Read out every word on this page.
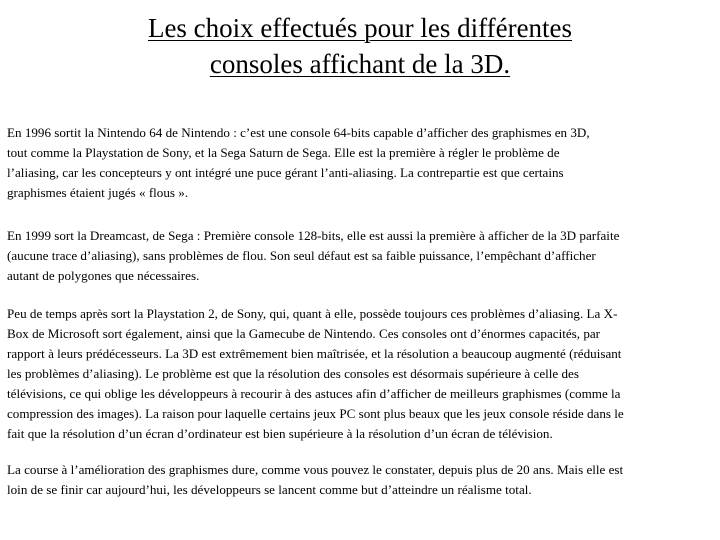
Les choix effectués pour les différentes
consoles affichant de la 3D.

En 1996 sortit la Nintendo 64 de Nintendo : c’est une console 64-bits capable d’afficher des graphismes en 3D,
tout comme la Playstation de Sony, et la Sega Saturn de Sega. Elle est la première à régler le problème de
l’aliasing, car les concepteurs y ont intégré une puce gérant l’anti-aliasing. La contrepartie est que certains
graphismes étaient jugés « flous ».

En 1999 sort la Dreamcast, de Sega : Première console 128-bits, elle est aussi la première à afficher de la 3D parfaite
(aucune trace d’aliasing), sans problèmes de flou. Son seul défaut est sa faible puissance, l’empêchant d’afficher
autant de polygones que nécessaires.

Peu de temps après sort la Playstation 2, de Sony, qui, quant à elle, possède toujours ces problèmes d’aliasing. La X-
Box de Microsoft sort également, ainsi que la Gamecube de Nintendo. Ces consoles ont d’énormes capacités, par
rapport à leurs prédécesseurs. La 3D est extrêmement bien maîtrisée, et la résolution a beaucoup augmenté (réduisant
les problèmes d’aliasing). Le problème est que la résolution des consoles est désormais supérieure à celle des
télévisions, ce qui oblige les développeurs à recourir à des astuces afin d’afficher de meilleurs graphismes (comme la
compression des images). La raison pour laquelle certains jeux PC sont plus beaux que les jeux console réside dans le
fait que la résolution d’un écran d’ordinateur est bien supérieure à la résolution d’un écran de télévision.

La course à l’amélioration des graphismes dure, comme vous pouvez le constater, depuis plus de 20 ans. Mais elle est
loin de se finir car aujourd’hui, les développeurs se lancent comme but d’atteindre un réalisme total.
